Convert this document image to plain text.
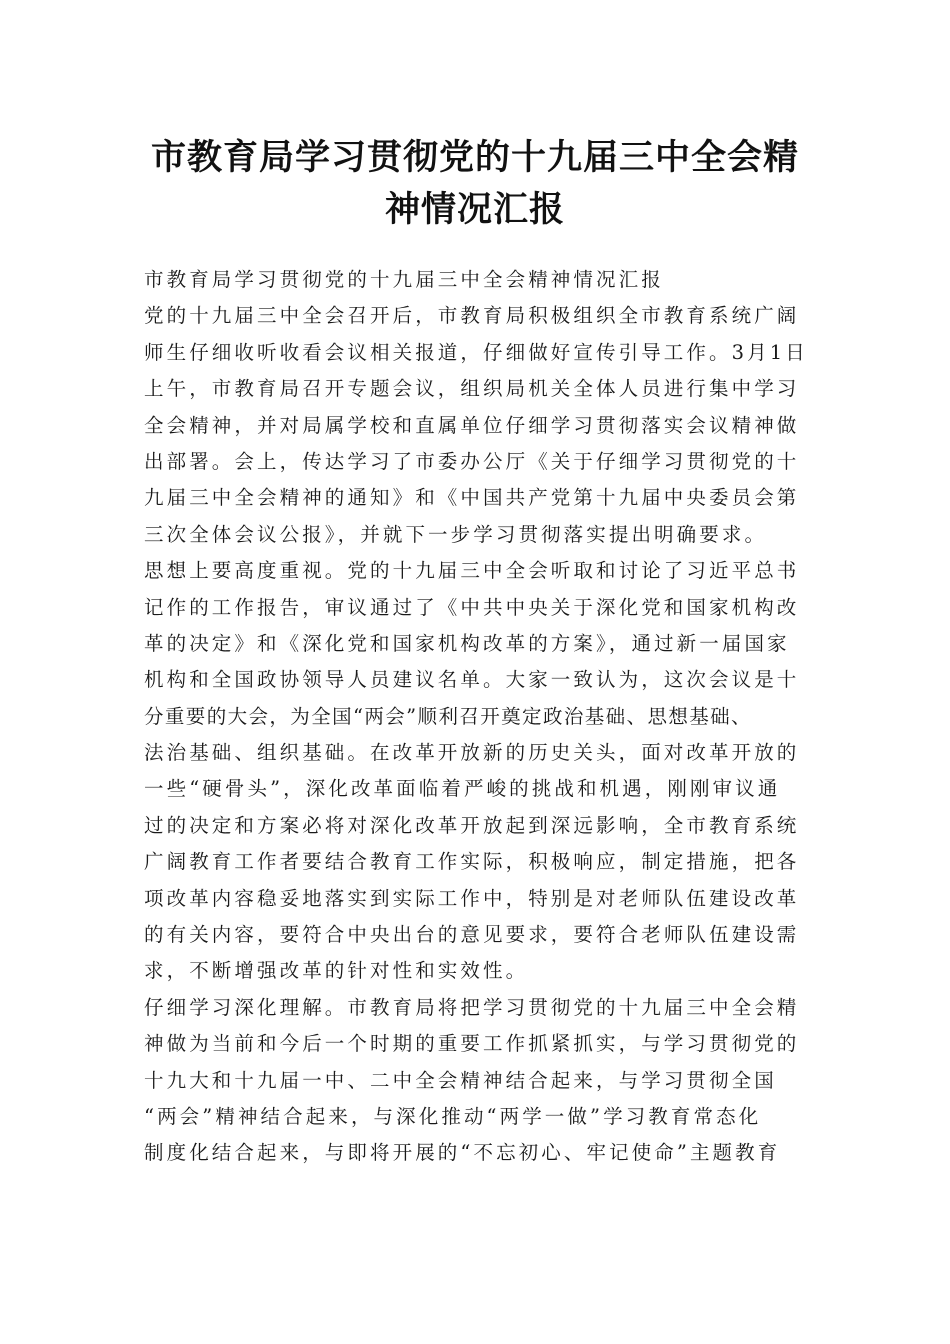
市教育局学习贯彻党的十九届三中全会精
神情况汇报
市教育局学习贯彻党的十九届三中全会精神情况汇报
党的十九届三中全会召开后，市教育局积极组织全市教育系统广阔
师生仔细收听收看会议相关报道，仔细做好宣传引导工作。3月1日
上午，市教育局召开专题会议，组织局机关全体人员进行集中学习
全会精神，并对局属学校和直属单位仔细学习贯彻落实会议精神做
出部署。会上，传达学习了市委办公厅《关于仔细学习贯彻党的十
九届三中全会精神的通知》和《中国共产党第十九届中央委员会第
三次全体会议公报》，并就下一步学习贯彻落实提出明确要求。
思想上要高度重视。党的十九届三中全会听取和讨论了习近平总书
记作的工作报告，审议通过了《中共中央关于深化党和国家机构改
革的决定》和《深化党和国家机构改革的方案》，通过新一届国家
机构和全国政协领导人员建议名单。大家一致认为，这次会议是十
分重要的大会，为全国“两会”顺利召开奠定政治基础、思想基础、
法治基础、组织基础。在改革开放新的历史关头，面对改革开放的
一些“硬骨头”，深化改革面临着严峻的挑战和机遇，刚刚审议通
过的决定和方案必将对深化改革开放起到深远影响，全市教育系统
广阔教育工作者要结合教育工作实际，积极响应，制定措施，把各
项改革内容稳妥地落实到实际工作中，特别是对老师队伍建设改革
的有关内容，要符合中央出台的意见要求，要符合老师队伍建设需
求，不断增强改革的针对性和实效性。
仔细学习深化理解。市教育局将把学习贯彻党的十九届三中全会精
神做为当前和今后一个时期的重要工作抓紧抓实，与学习贯彻党的
十九大和十九届一中、二中全会精神结合起来，与学习贯彻全国
“两会”精神结合起来，与深化推动“两学一做”学习教育常态化
制度化结合起来，与即将开展的“不忘初心、牢记使命”主题教育
